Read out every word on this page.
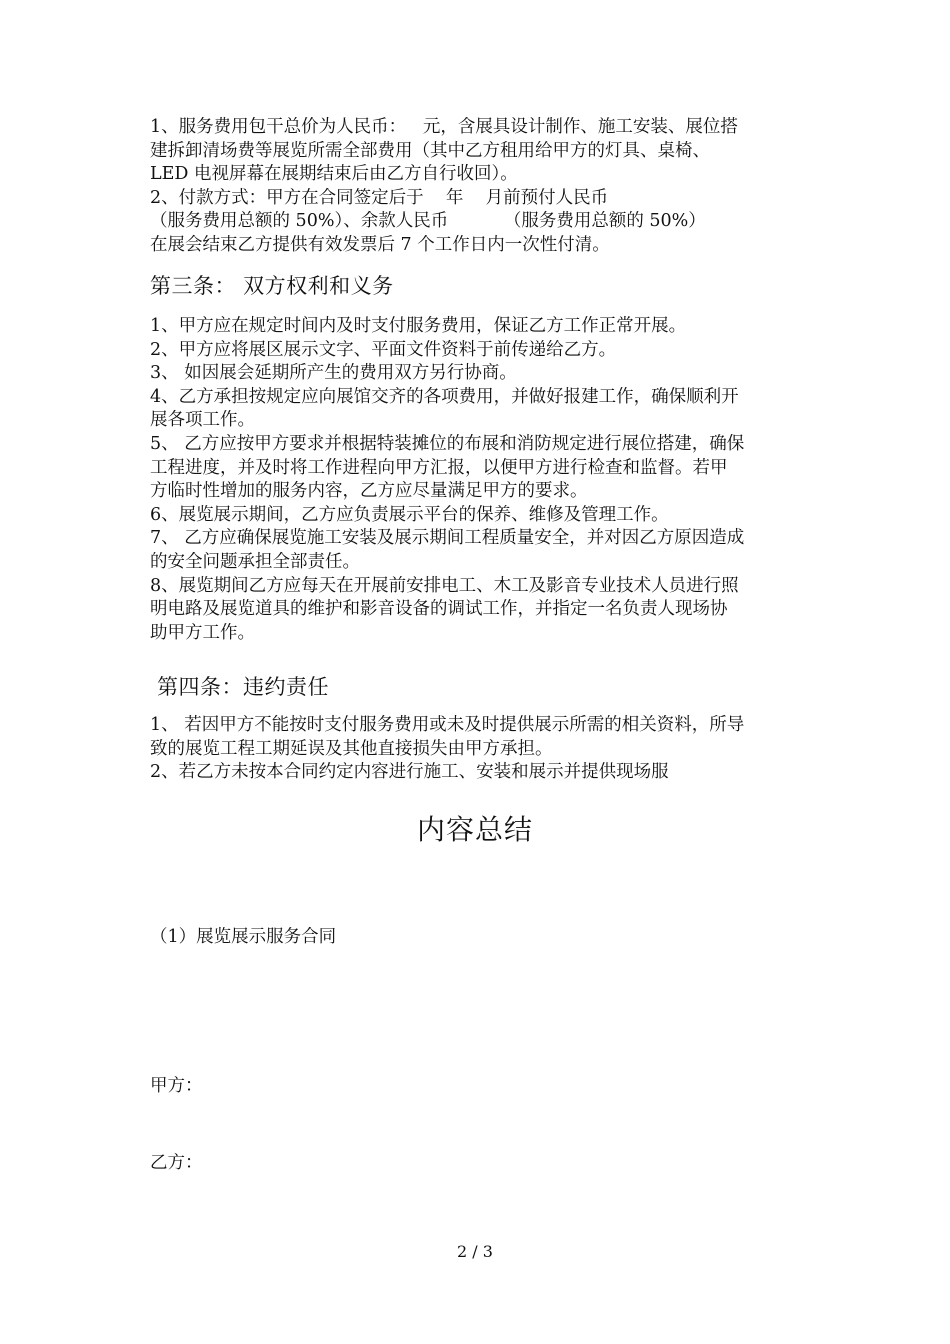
1、服务费用包干总价为人民币：   元，含展具设计制作、施工安装、展位搭

建拆卸清场费等展览所需全部费用（其中乙方租用给甲方的灯具、桌椅、

LED 电视屏幕在展期结束后由乙方自行收回）。

2、付款方式：甲方在合同签定后于    年    月前预付人民币

（服务费用总额的 50%）、余款人民币          （服务费用总额的 50%）

在展会结束乙方提供有效发票后 7 个工作日内一次性付清。

第三条： 双方权利和义务

1、甲方应在规定时间内及时支付服务费用，保证乙方工作正常开展。

2、甲方应将展区展示文字、平面文件资料于前传递给乙方。

3、 如因展会延期所产生的费用双方另行协商。

4、乙方承担按规定应向展馆交齐的各项费用，并做好报建工作，确保顺利开

展各项工作。

5、 乙方应按甲方要求并根据特装摊位的布展和消防规定进行展位搭建，确保

工程进度，并及时将工作进程向甲方汇报，以便甲方进行检查和监督。若甲

方临时性增加的服务内容，乙方应尽量满足甲方的要求。

6、展览展示期间，乙方应负责展示平台的保养、维修及管理工作。

7、 乙方应确保展览施工安装及展示期间工程质量安全，并对因乙方原因造成

的安全问题承担全部责任。

8、展览期间乙方应每天在开展前安排电工、木工及影音专业技术人员进行照

明电路及展览道具的维护和影音设备的调试工作，并指定一名负责人现场协

助甲方工作。

第四条：违约责任

1、 若因甲方不能按时支付服务费用或未及时提供展示所需的相关资料，所导

致的展览工程工期延误及其他直接损失由甲方承担。

2、若乙方未按本合同约定内容进行施工、安装和展示并提供现场服

内容总结
（1）展览展示服务合同
甲方：
乙方：
2 / 3
